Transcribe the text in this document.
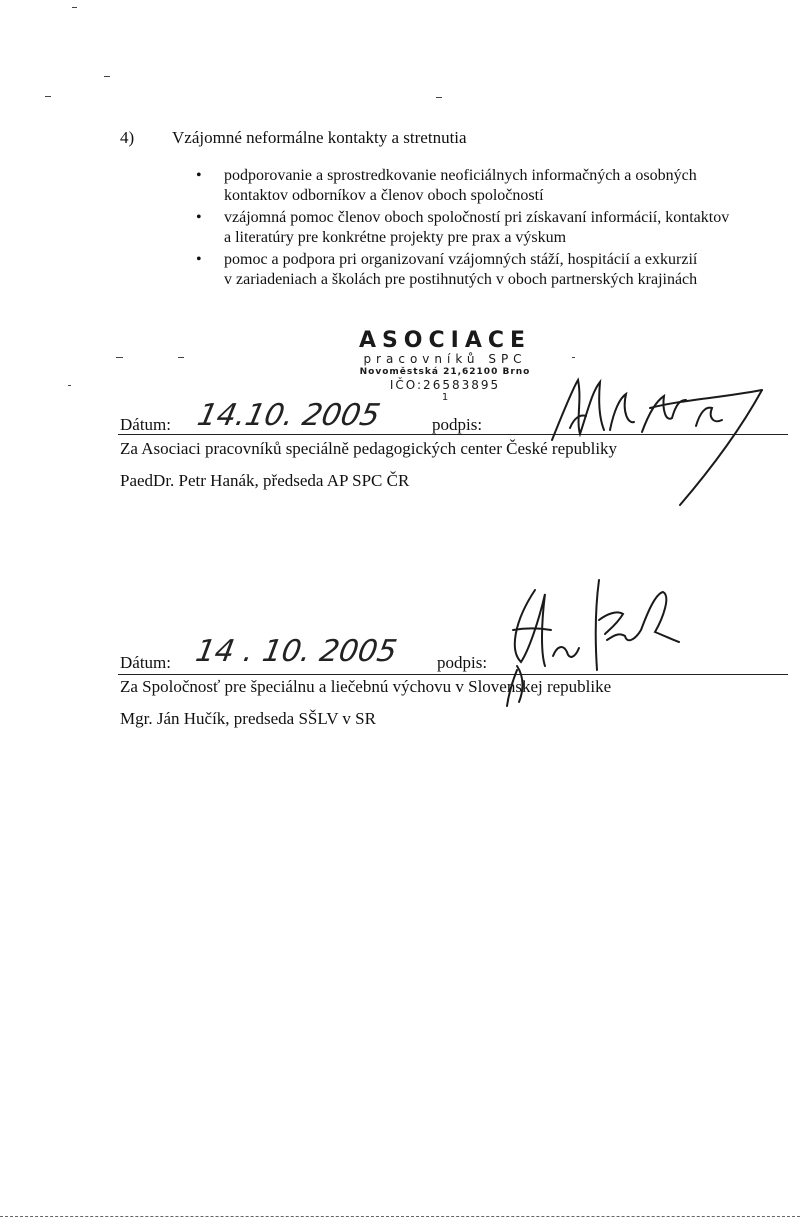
4) Vzájomné neformálne kontakty a stretnutia
• podporovanie a sprostredkovanie neoficiálnych informačných a osobných
kontaktov odborníkov a členov oboch spoločností
• vzájomná pomoc členov oboch spoločností pri získavaní informácií, kontaktov
a literatúry pre konkrétne projekty pre prax a výskum
• pomoc a podpora pri organizovaní vzájomných stáží, hospitácií a exkurzií
v zariadeniach a školách pre postihnutých v oboch partnerských krajinách
ASOCIACE
pracovníků SPC
Novoměstská 21,62100 Brno
IČO:26583895
1
Dátum: 14.10. 2005	podpis:
Za Asociaci pracovníků speciálně pedagogických center České republiky
PaedDr. Petr Hanák, předseda AP SPC ČR
Dátum: 14 . 10. 2005 podpis:
Za Spoločnosť pre špeciálnu a liečebnú výchovu v Slovenskej republike
Mgr. Ján Hučík, predseda SŠLV v SR
